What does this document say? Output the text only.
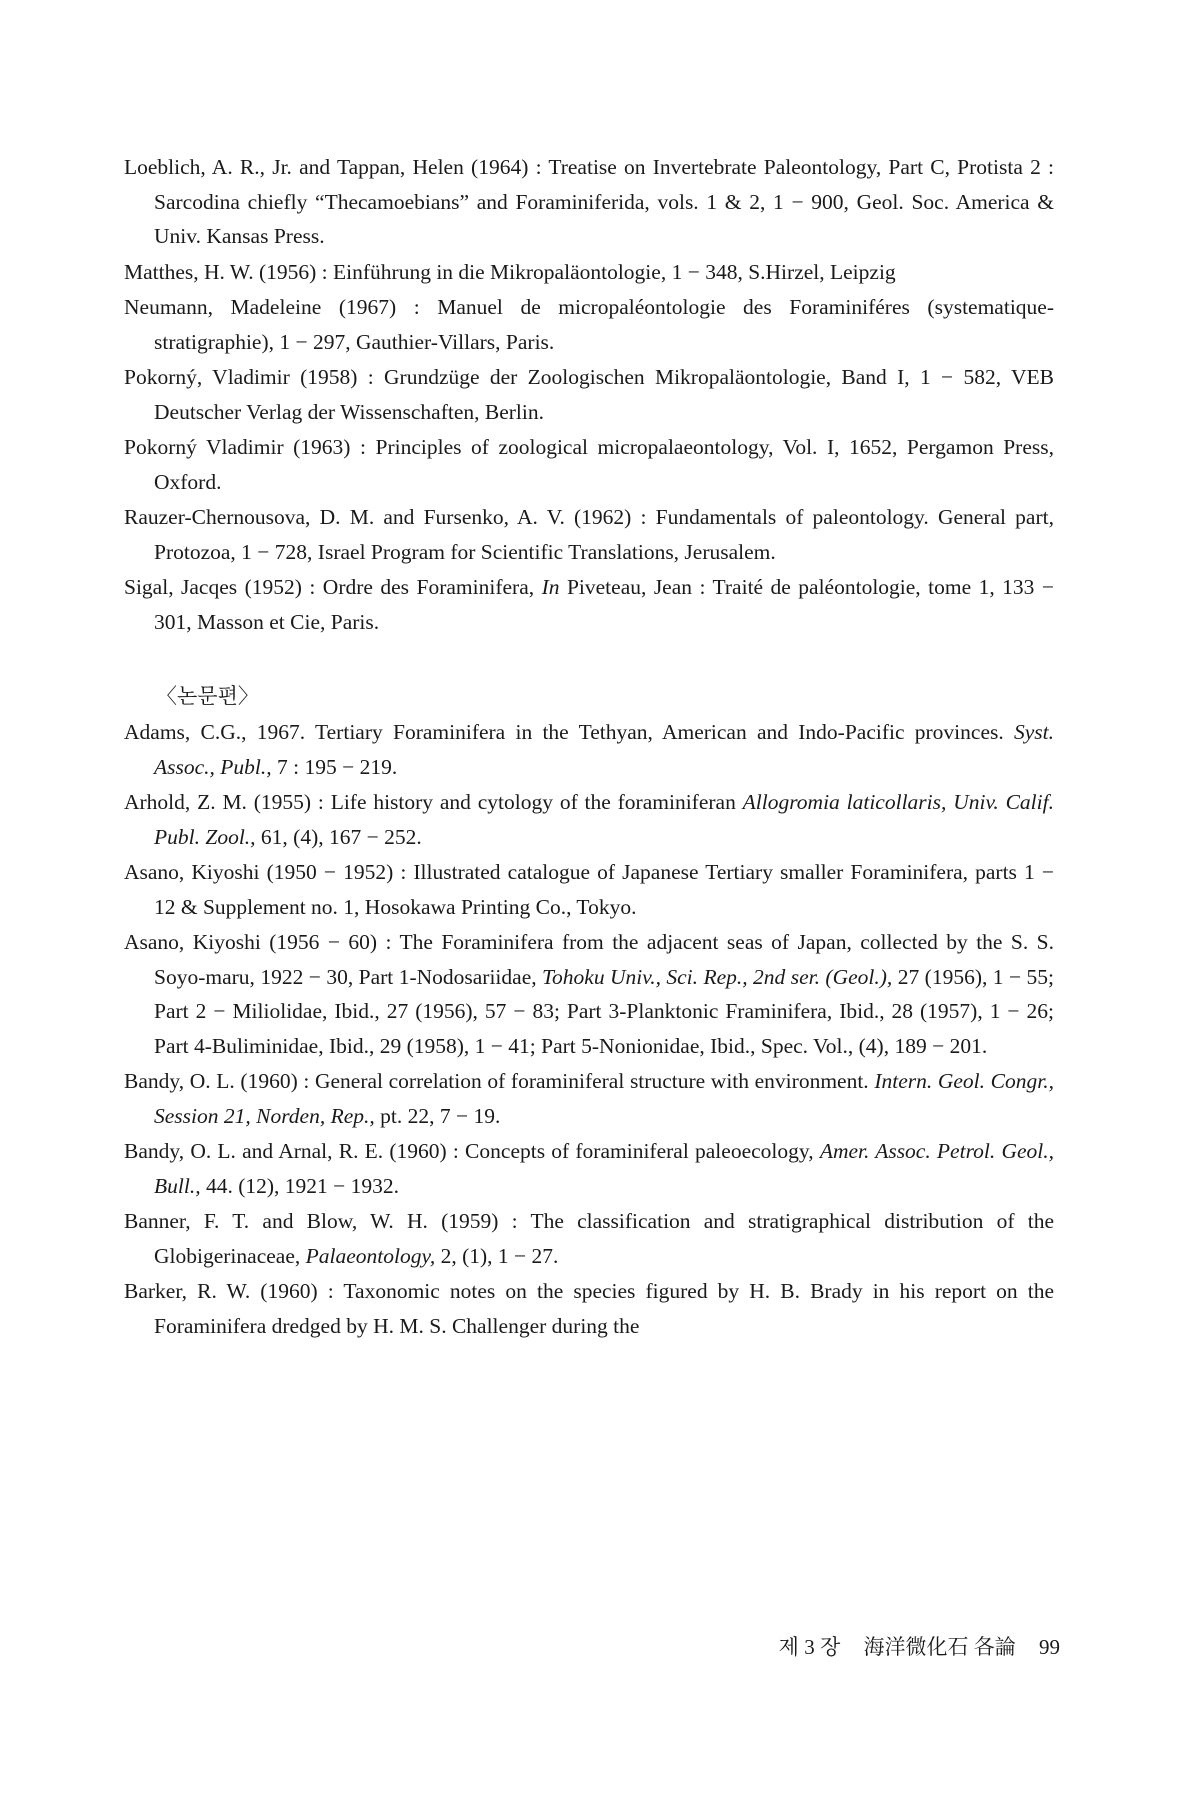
Loeblich, A. R., Jr. and Tappan, Helen (1964) : Treatise on Invertebrate Paleontology, Part C, Protista 2 : Sarcodina chiefly “Thecamoebians” and Foraminiferida, vols. 1 & 2, 1 − 900, Geol. Soc. America & Univ. Kansas Press.

Matthes, H. W. (1956) : Einführung in die Mikropaläontologie, 1 − 348, S.Hirzel, Leipzig

Neumann, Madeleine (1967) : Manuel de micropaléontologie des Foraminiféres (systematique-stratigraphie), 1 − 297, Gauthier-Villars, Paris.

Pokorný, Vladimir (1958) : Grundzüge der Zoologischen Mikropaläontologie, Band I, 1 − 582, VEB Deutscher Verlag der Wissenschaften, Berlin.

Pokorný Vladimir (1963) : Principles of zoological micropalaeontology, Vol. I, 1652, Pergamon Press, Oxford.

Rauzer-Chernousova, D. M. and Fursenko, A. V. (1962) : Fundamentals of paleontology. General part, Protozoa, 1 − 728, Israel Program for Scientific Translations, Jerusalem.

Sigal, Jacqes (1952) : Ordre des Foraminifera, In Piveteau, Jean : Traité de paléontologie, tome 1, 133 − 301, Masson et Cie, Paris.

〈논문편〉

Adams, C.G., 1967. Tertiary Foraminifera in the Tethyan, American and Indo-Pacific provinces. Syst. Assoc., Publ., 7 : 195 − 219.

Arhold, Z. M. (1955) : Life history and cytology of the foraminiferan Allogromia laticollaris, Univ. Calif. Publ. Zool., 61, (4), 167 − 252.

Asano, Kiyoshi (1950 − 1952) : Illustrated catalogue of Japanese Tertiary smaller Foraminifera, parts 1 − 12 & Supplement no. 1, Hosokawa Printing Co., Tokyo.

Asano, Kiyoshi (1956 − 60) : The Foraminifera from the adjacent seas of Japan, collected by the S. S. Soyo-maru, 1922 − 30, Part 1-Nodosariidae, Tohoku Univ., Sci. Rep., 2nd ser. (Geol.), 27 (1956), 1 − 55; Part 2 − Miliolidae, Ibid., 27 (1956), 57 − 83; Part 3-Planktonic Framinifera, Ibid., 28 (1957), 1 − 26; Part 4-Buliminidae, Ibid., 29 (1958), 1 − 41; Part 5-Nonionidae, Ibid., Spec. Vol., (4), 189 − 201.

Bandy, O. L. (1960) : General correlation of foraminiferal structure with environment. Intern. Geol. Congr., Session 21, Norden, Rep., pt. 22, 7 − 19.

Bandy, O. L. and Arnal, R. E. (1960) : Concepts of foraminiferal paleoecology, Amer. Assoc. Petrol. Geol., Bull., 44. (12), 1921 − 1932.

Banner, F. T. and Blow, W. H. (1959) : The classification and stratigraphical distribution of the Globigerinaceae, Palaeontology, 2, (1), 1 − 27.

Barker, R. W. (1960) : Taxonomic notes on the species figured by H. B. Brady in his report on the Foraminifera dredged by H. M. S. Challenger during the

제 3 장 海洋微化石 各論 99
